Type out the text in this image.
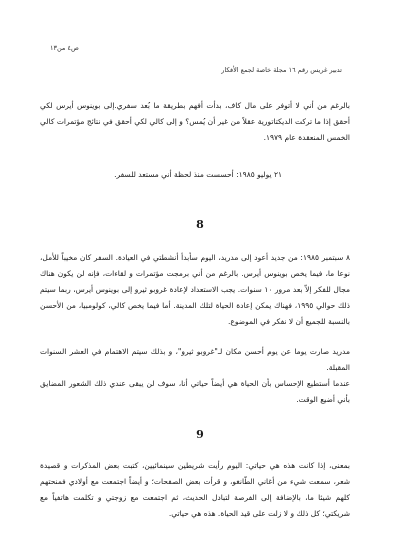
ص٤ من١٣
تدبير غريس رقم ١٦ مجلة خاصة لجمع الأفكار

بالرغم من أني لا أتوفر على مال كاف، بدأت أفهم بطريقة ما بُعد سفري.إلى بوينوس أيرس لكي أحقق إذا ما تركت الديكتاتورية عقلاً من غير أن يُمس؟ و إلى كالي لكي أحقق في نتائج مؤتمرات كالي الخمس المنعقدة عام ١٩٧٩.

٢١ يوليو ١٩٨٥: أحسست منذ لحظة أني مستعد للسفر.
8

٨ سبتمبر ١٩٨٥: من جديد أعود إلى مدريد، اليوم سأبدأ أنشطتي في العيادة. السفر كان مخيباً للأمل، نوعا ما، فيما يخص بوينوس أيرس. بالرغم من أني برمجت مؤتمرات و لقاءات، فإنه لن يكون هناك مجال للفكر إلاّ بعد مرور ١٠ سنوات. يجب الاستعداد لإعادة غروبو ثيرو إلى بوينوس أيرس، ربما سيتم ذلك حوالي ١٩٩٥، فهناك يمكن إعادة الحياة لتلك المدينة. أما فيما يخص كالي، كولومبيا، من الأحسن بالنسبة للجميع أن لا نفكر في الموضوع.

مدريد صارت يوما عن يوم أحسن مكان لـ"غروبو ثيرو"، و بذلك سيتم الاهتمام في العشر السنوات المقبلة.

عندما أستطيع الإحساس بأن الحياة هي أيضاً حياتي أنا، سوف لن يبقى عندي ذلك الشعور المضايق بأني أضيع الوقت.

9

بمعنى، إذا كانت هذه هي حياتي: اليوم رأيت شريطين سينمائيين، كتبت بعض المذكرات و قصيدة شعر، سمعت شيء من أغاني الطّانغو، و قرأت بعض الصفحات؛ و أيضاً اجتمعت مع أولادي فمنحتهم كلهم شيئا ما، بالإضافة إلى الفرصة لتبادل الحديث، ثم اجتمعت مع زوجتي و تكلمت هاتفياً مع شريكتي؛ كل ذلك و لا زلت على قيد الحياة. هذه هي حياتي.
